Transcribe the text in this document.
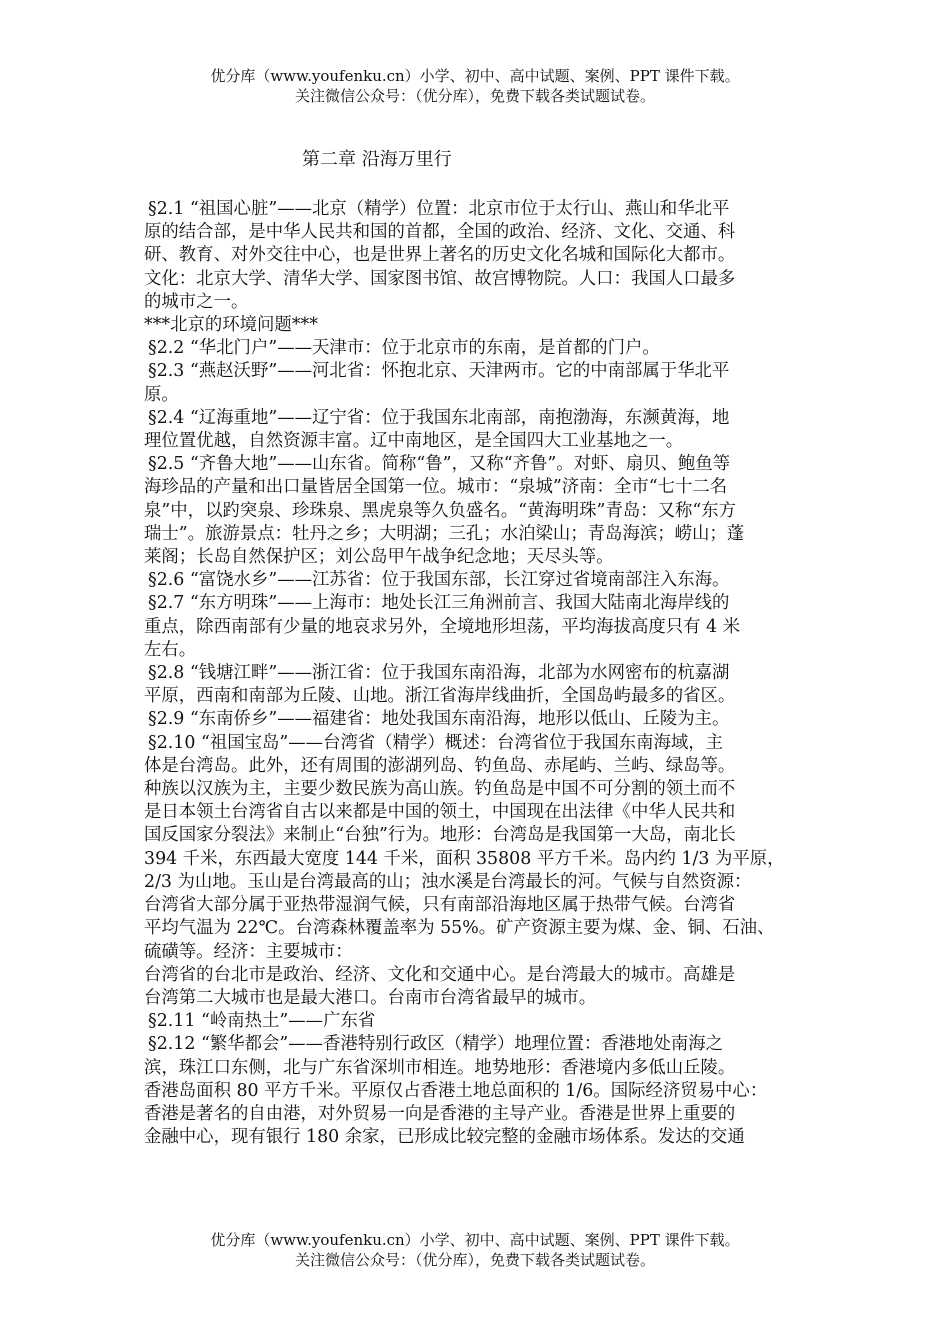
优分库（www.youfenku.cn）小学、初中、高中试题、案例、PPT 课件下载。
关注微信公众号：（优分库），免费下载各类试题试卷。
第二章 沿海万里行

§2.1 “祖国心脏”——北京（精学）位置：北京市位于太行山、燕山和华北平

原的结合部，是中华人民共和国的首都，全国的政治、经济、文化、交通、科

研、教育、对外交往中心，也是世界上著名的历史文化名城和国际化大都市。

文化：北京大学、清华大学、国家图书馆、故宫博物院。人口：我国人口最多

的城市之一。

***北京的环境问题***

§2.2 “华北门户”——天津市：位于北京市的东南，是首都的门户。

§2.3 “燕赵沃野”——河北省：怀抱北京、天津两市。它的中南部属于华北平

原。

§2.4 “辽海重地”——辽宁省：位于我国东北南部，南抱渤海，东濒黄海，地

理位置优越，自然资源丰富。辽中南地区，是全国四大工业基地之一。

§2.5 “齐鲁大地”——山东省。简称“鲁”，又称“齐鲁”。对虾、扇贝、鲍鱼等

海珍品的产量和出口量皆居全国第一位。城市：“泉城”济南：全市“七十二名

泉”中，以趵突泉、珍珠泉、黑虎泉等久负盛名。“黄海明珠”青岛：又称“东方

瑞士”。旅游景点：牡丹之乡；大明湖；三孔；水泊梁山；青岛海滨；崂山；蓬

莱阁；长岛自然保护区；刘公岛甲午战争纪念地；天尽头等。

§2.6 “富饶水乡”——江苏省：位于我国东部，长江穿过省境南部注入东海。

§2.7 “东方明珠”——上海市：地处长江三角洲前言、我国大陆南北海岸线的

重点，除西南部有少量的地哀求另外，全境地形坦荡，平均海拔高度只有 4 米

左右。

§2.8 “钱塘江畔”——浙江省：位于我国东南沿海，北部为水网密布的杭嘉湖

平原，西南和南部为丘陵、山地。浙江省海岸线曲折，全国岛屿最多的省区。

§2.9 “东南侨乡”——福建省：地处我国东南沿海，地形以低山、丘陵为主。

§2.10 “祖国宝岛”——台湾省（精学）概述：台湾省位于我国东南海域，主

体是台湾岛。此外，还有周围的澎湖列岛、钓鱼岛、赤尾屿、兰屿、绿岛等。

种族以汉族为主，主要少数民族为高山族。钓鱼岛是中国不可分割的领土而不

是日本领土台湾省自古以来都是中国的领土，中国现在出法律《中华人民共和

国反国家分裂法》来制止“台独”行为。地形：台湾岛是我国第一大岛，南北长

394 千米，东西最大宽度 144 千米，面积 35808 平方千米。岛内约 1/3 为平原，

2/3 为山地。玉山是台湾最高的山；浊水溪是台湾最长的河。气候与自然资源：

台湾省大部分属于亚热带湿润气候，只有南部沿海地区属于热带气候。台湾省

平均气温为 22℃。台湾森林覆盖率为 55%。矿产资源主要为煤、金、铜、石油、

硫磺等。经济：主要城市：

台湾省的台北市是政治、经济、文化和交通中心。是台湾最大的城市。高雄是

台湾第二大城市也是最大港口。台南市台湾省最早的城市。

§2.11 “岭南热土”——广东省

§2.12 “繁华都会”——香港特别行政区（精学）地理位置：香港地处南海之

滨，珠江口东侧，北与广东省深圳市相连。地势地形：香港境内多低山丘陵。

香港岛面积 80 平方千米。平原仅占香港土地总面积的 1/6。国际经济贸易中心：

香港是著名的自由港，对外贸易一向是香港的主导产业。香港是世界上重要的

金融中心，现有银行 180 余家，已形成比较完整的金融市场体系。发达的交通

优分库（www.youfenku.cn）小学、初中、高中试题、案例、PPT 课件下载。
关注微信公众号：（优分库），免费下载各类试题试卷。
